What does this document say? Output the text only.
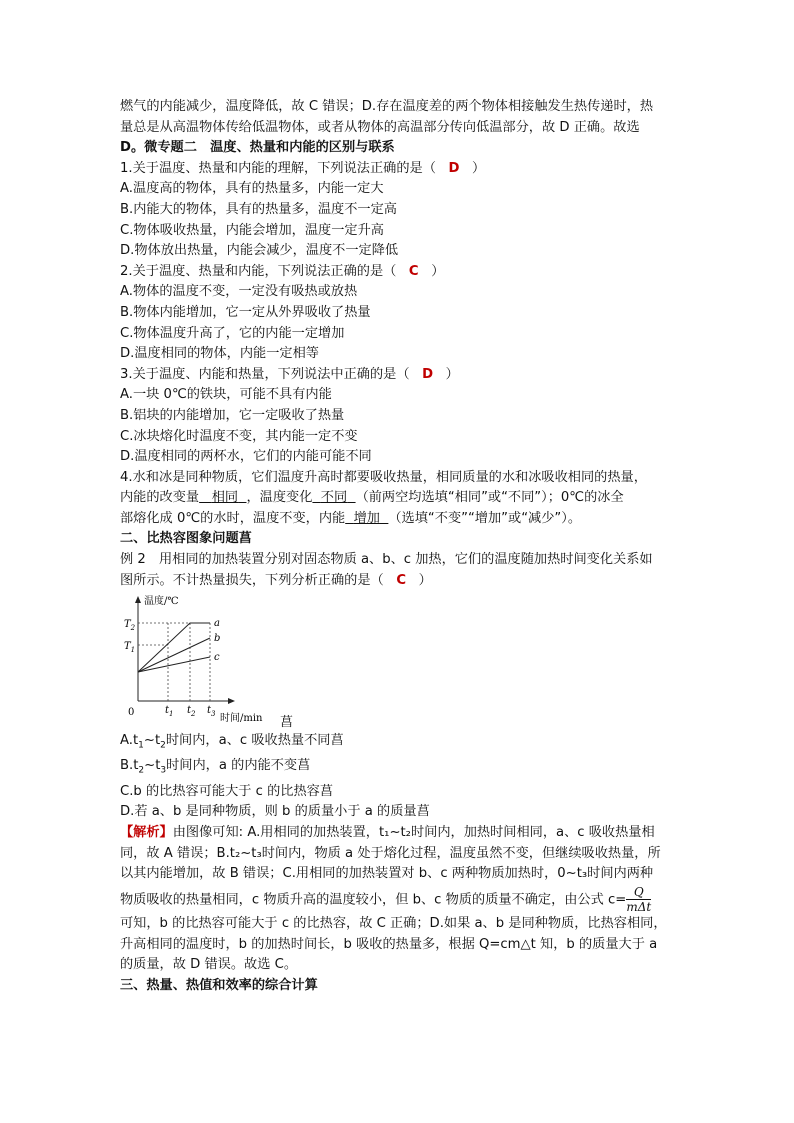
燃气的内能减少，温度降低，故 C 错误；D.存在温度差的两个物体相接触发生热传递时，热

量总是从高温物体传给低温物体，或者从物体的高温部分传向低温部分，故 D 正确。故选

D。微专题二　温度、热量和内能的区别与联系

1.关于温度、热量和内能的理解，下列说法正确的是（ D ）

A.温度高的物体，具有的热量多，内能一定大

B.内能大的物体，具有的热量多，温度不一定高

C.物体吸收热量，内能会增加，温度一定升高

D.物体放出热量，内能会减少，温度不一定降低

2.关于温度、热量和内能，下列说法正确的是（ C ）

A.物体的温度不变，一定没有吸热或放热

B.物体内能增加，它一定从外界吸收了热量

C.物体温度升高了，它的内能一定增加

D.温度相同的物体，内能一定相等

3.关于温度、内能和热量，下列说法中正确的是（ D ）

A.一块 0℃的铁块，可能不具有内能

B.铝块的内能增加，它一定吸收了热量

C.冰块熔化时温度不变，其内能一定不变

D.温度相同的两杯水，它们的内能可能不同

4.水和冰是同种物质，它们温度升高时都要吸收热量，相同质量的水和冰吸收相同的热量，

内能的改变量 相同 ，温度变化 不同 （前两空均选填“相同”或“不同”）；0℃的冰全

部熔化成 0℃的水时，温度不变，内能 增加 （选填“不变”“增加”或“减少”）。

二、比热容图象问题菖

例 2　用相同的加热装置分别对固态物质 a、b、c 加热，它们的温度随加热时间变化关系如

图所示。不计热量损失，下列分析正确的是（ C ）

温度/℃
时间/min
0
$T_1$
$T_2$
$t_1$ $t_2$ $t_3$
a
b
c
菖

$A.t_1\sim t_2$时间内，a、c 吸收热量不同菖

$B.t_2\sim t_3$时间内，a 的内能不变菖

C.b 的比热容可能大于 c 的比热容菖

D.若 a、b 是同种物质，则 b 的质量小于 a 的质量菖

【解析】由图像可知: A.用相同的加热装置，t₁~t₂时间内，加热时间相同，a、c 吸收热量相

同，故 A 错误；B.t₂~t₃时间内，物质 a 处于熔化过程，温度虽然不变，但继续吸收热量，所

以其内能增加，故 B 错误；C.用相同的加热装置对 b、c 两种物质加热时，0~t₃时间内两种

物质吸收的热量相同，c 物质升高的温度较小，但 b、c 物质的质量不确定，由公式 $c= \frac{Q}{\text{mΔt}}$

可知，b 的比热容可能大于 c 的比热容，故 C 正确；D.如果 a、b 是同种物质，比热容相同，

升高相同的温度时，b 的加热时间长，b 吸收的热量多，根据 Q=cm△t 知，b 的质量大于 a

的质量，故 D 错误。故选 C。

三、热量、热值和效率的综合计算
